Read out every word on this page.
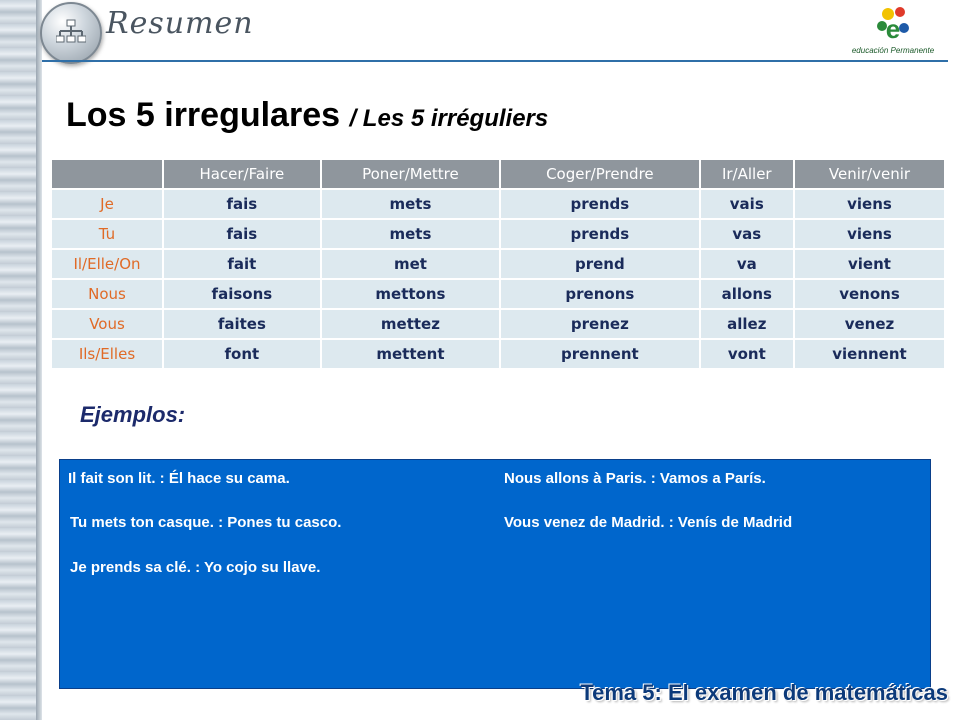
Resumen	e
educación Permanente
Los 5 irregulares / Les 5 irréguliers
	Hacer/Faire	Poner/Mettre	Coger/Prendre	Ir/Aller	Venir/venir
Je	fais	mets	prends	vais	viens
Tu	fais	mets	prends	vas	viens
Il/Elle/On	fait	met	prend	va	vient
Nous	faisons	mettons	prenons	allons	venons
Vous	faites	mettez	prenez	allez	venez
Ils/Elles	font	mettent	prennent	vont	viennent
Ejemplos:
Il fait son lit. : Él hace su cama.
Tu mets ton casque. : Pones tu casco.
Je prends sa clé. : Yo cojo su llave.
Nous allons à Paris. : Vamos a París.
Vous venez de Madrid. : Venís de Madrid
Tema 5: El examen de matemáticas
